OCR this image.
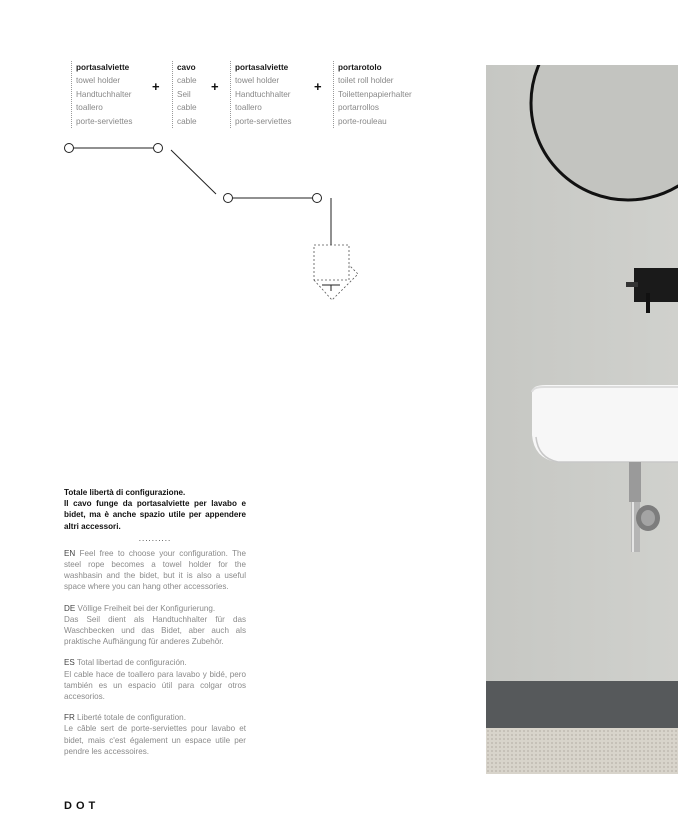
portasalviette
towel holder
Handtuchhalter
toallero
porte-serviettes
+
cavo
cable
Seil
cable
cable
+
portasalviette
towel holder
Handtuchhalter
toallero
porte-serviettes
+
portarotolo
toilet roll holder
Toilettenpapierhalter
portarrollos
porte-rouleau
Totale libertà di configurazione.
Il cavo funge da portasalviette per lavabo e bidet, ma è anche spazio utile per appendere altri accessori.
..........

EN Feel free to choose your configuration. The steel rope becomes a towel holder for the washbasin and the bidet, but it is also a useful space where you can hang other accessories.

DE Völlige Freiheit bei der Konfigurierung.
Das Seil dient als Handtuchhalter für das Waschbecken und das Bidet, aber auch als praktische Aufhängung für anderes Zubehör.

ES Total libertad de configuración.
El cable hace de toallero para lavabo y bidé, pero también es un espacio útil para colgar otros accesorios.

FR Liberté totale de configuration.
Le câble sert de porte-serviettes pour lavabo et bidet, mais c'est également un espace utile per pendre les accessoires.

DOT
